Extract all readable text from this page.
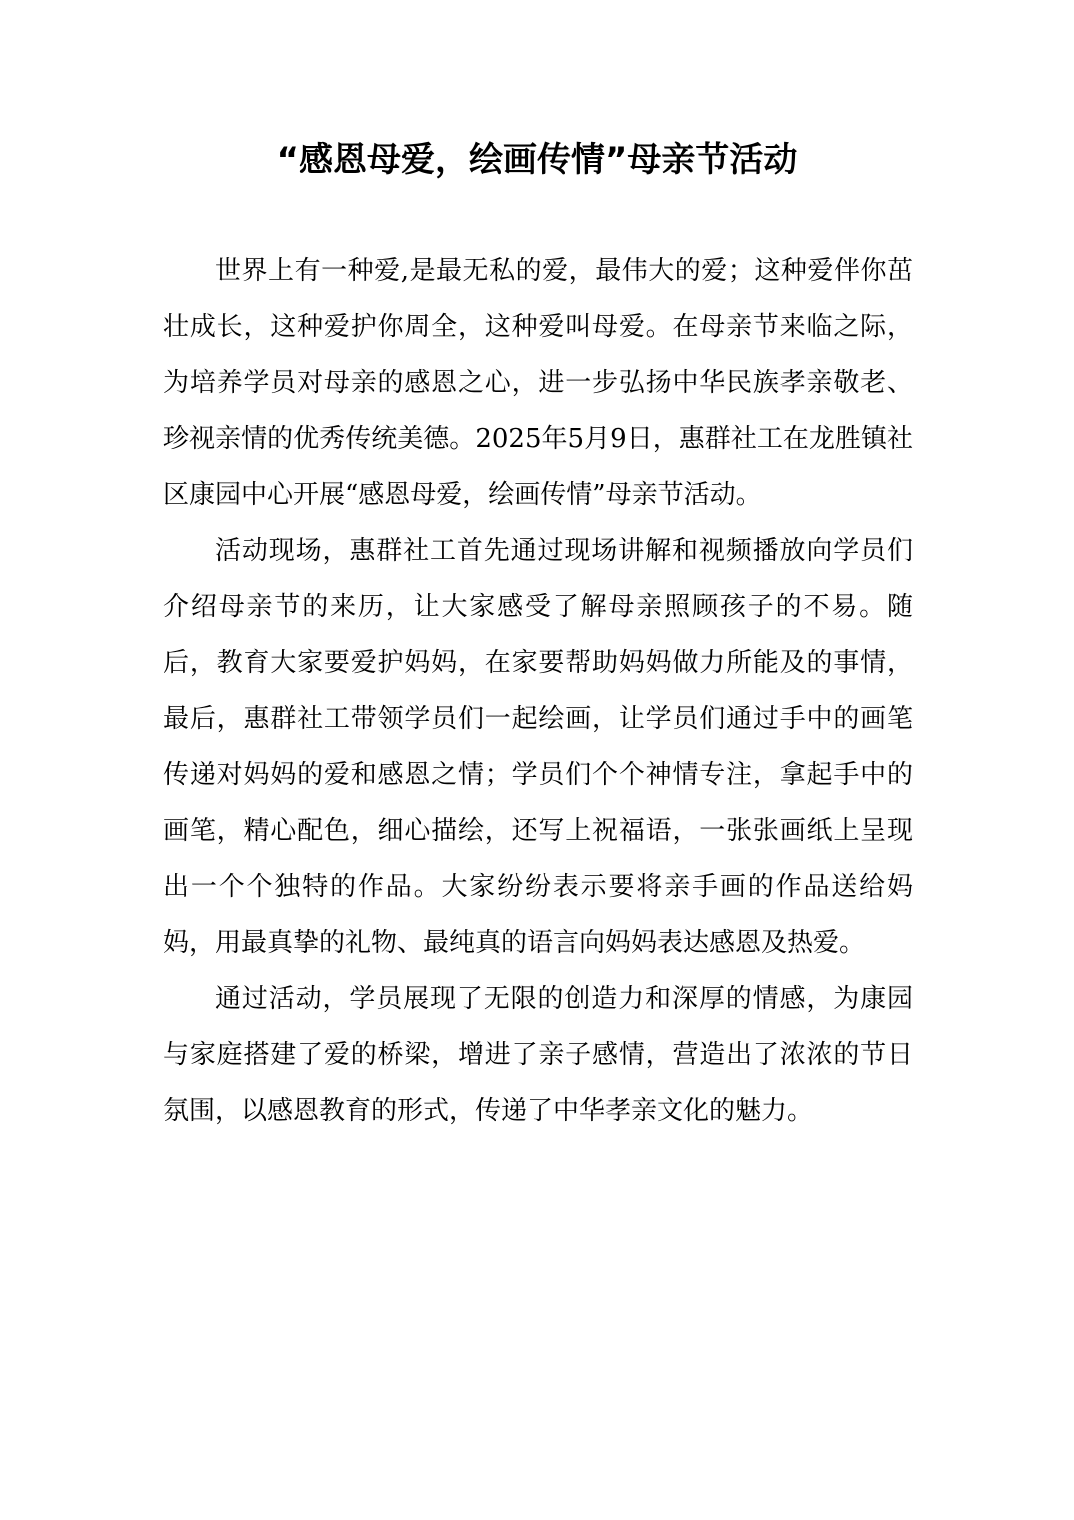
“感恩母爱，绘画传情”母亲节活动

世界上有一种爱,是最无私的爱，最伟大的爱；这种爱伴你茁壮成长，这种爱护你周全，这种爱叫母爱。在母亲节来临之际，为培养学员对母亲的感恩之心，进一步弘扬中华民族孝亲敬老、珍视亲情的优秀传统美德。2025年5月9日，惠群社工在龙胜镇社区康园中心开展“感恩母爱，绘画传情”母亲节活动。

活动现场，惠群社工首先通过现场讲解和视频播放向学员们介绍母亲节的来历，让大家感受了解母亲照顾孩子的不易。随后，教育大家要爱护妈妈，在家要帮助妈妈做力所能及的事情，最后，惠群社工带领学员们一起绘画，让学员们通过手中的画笔传递对妈妈的爱和感恩之情；学员们个个神情专注，拿起手中的画笔，精心配色，细心描绘，还写上祝福语，一张张画纸上呈现出一个个独特的作品。大家纷纷表示要将亲手画的作品送给妈妈，用最真挚的礼物、最纯真的语言向妈妈表达感恩及热爱。

通过活动，学员展现了无限的创造力和深厚的情感，为康园与家庭搭建了爱的桥梁，增进了亲子感情，营造出了浓浓的节日氛围，以感恩教育的形式，传递了中华孝亲文化的魅力。
